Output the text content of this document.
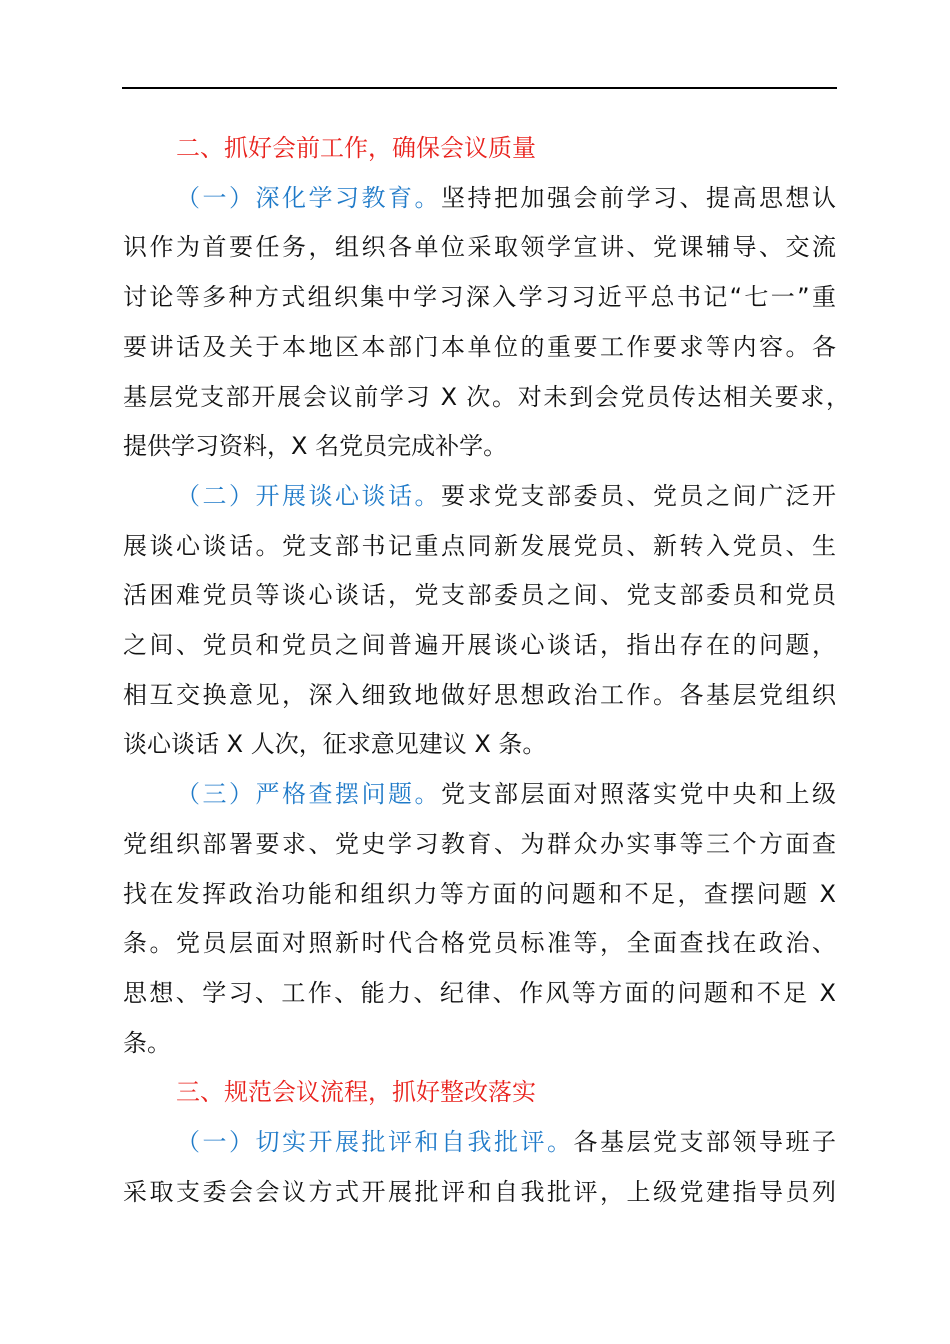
二、抓好会前工作，确保会议质量
（一）深化学习教育。坚持把加强会前学习、提高思想认
识作为首要任务，组织各单位采取领学宣讲、党课辅导、交流
讨论等多种方式组织集中学习深入学习习近平总书记“七一”重
要讲话及关于本地区本部门本单位的重要工作要求等内容。各
基层党支部开展会议前学习 X 次。对未到会党员传达相关要求，
提供学习资料，X 名党员完成补学。
（二）开展谈心谈话。要求党支部委员、党员之间广泛开
展谈心谈话。党支部书记重点同新发展党员、新转入党员、生
活困难党员等谈心谈话，党支部委员之间、党支部委员和党员
之间、党员和党员之间普遍开展谈心谈话，指出存在的问题，
相互交换意见，深入细致地做好思想政治工作。各基层党组织
谈心谈话 X 人次，征求意见建议 X 条。
（三）严格查摆问题。党支部层面对照落实党中央和上级
党组织部署要求、党史学习教育、为群众办实事等三个方面查
找在发挥政治功能和组织力等方面的问题和不足，查摆问题 X
条。党员层面对照新时代合格党员标准等，全面查找在政治、
思想、学习、工作、能力、纪律、作风等方面的问题和不足 X
条。
三、规范会议流程，抓好整改落实
（一）切实开展批评和自我批评。各基层党支部领导班子
采取支委会会议方式开展批评和自我批评，上级党建指导员列
